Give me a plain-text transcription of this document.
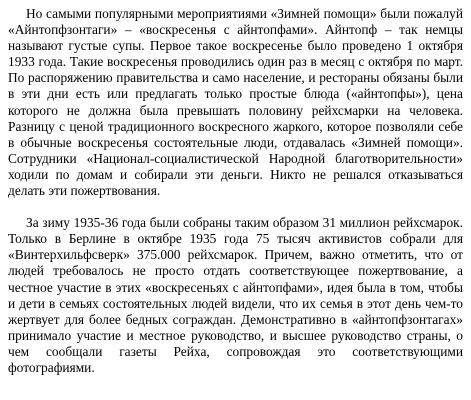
Но самыми популярными мероприятиями «Зимней помощи» были пожалуй «Айнтопфзонтаги» – «воскресенья с айнтопфами». Айнтопф – так немцы называют густые супы. Первое такое воскресенье было проведено 1 октября 1933 года. Такие воскресенья проводились один раз в месяц с октября по март. По распоряжению правительства и само население, и рестораны обязаны были в эти дни есть или предлагать только простые блюда («айнтопфы»), цена которого не должна была превышать половину рейхсмарки на человека. Разницу с ценой традиционного воскресного жаркого, которое позволяли себе в обычные воскресенья состоятельные люди, отдавалась «Зимней помощи». Сотрудники «Национал-социалистической Народной благотворительности» ходили по домам и собирали эти деньги. Никто не решался отказываться делать эти пожертвования.

За зиму 1935-36 года были собраны таким образом 31 миллион рейхсмарок. Только в Берлине в октябре 1935 года 75 тысяч активистов собрали для «Винтерхильфсверк» 375.000 рейхсмарок. Причем, важно отметить, что от людей требовалось не просто отдать соответствующее пожертвование, а честное участие в этих «воскресеньях с айнтопфами», идея была в том, чтобы и дети в семьях состоятельных людей видели, что их семья в этот день чем-то жертвует для более бедных сограждан. Демонстративно в «айнтопфзонтагах» принимало участие и местное руководство, и высшее руководство страны, о чем сообщали газеты Рейха, сопровождая это соответствующими фотографиями.
